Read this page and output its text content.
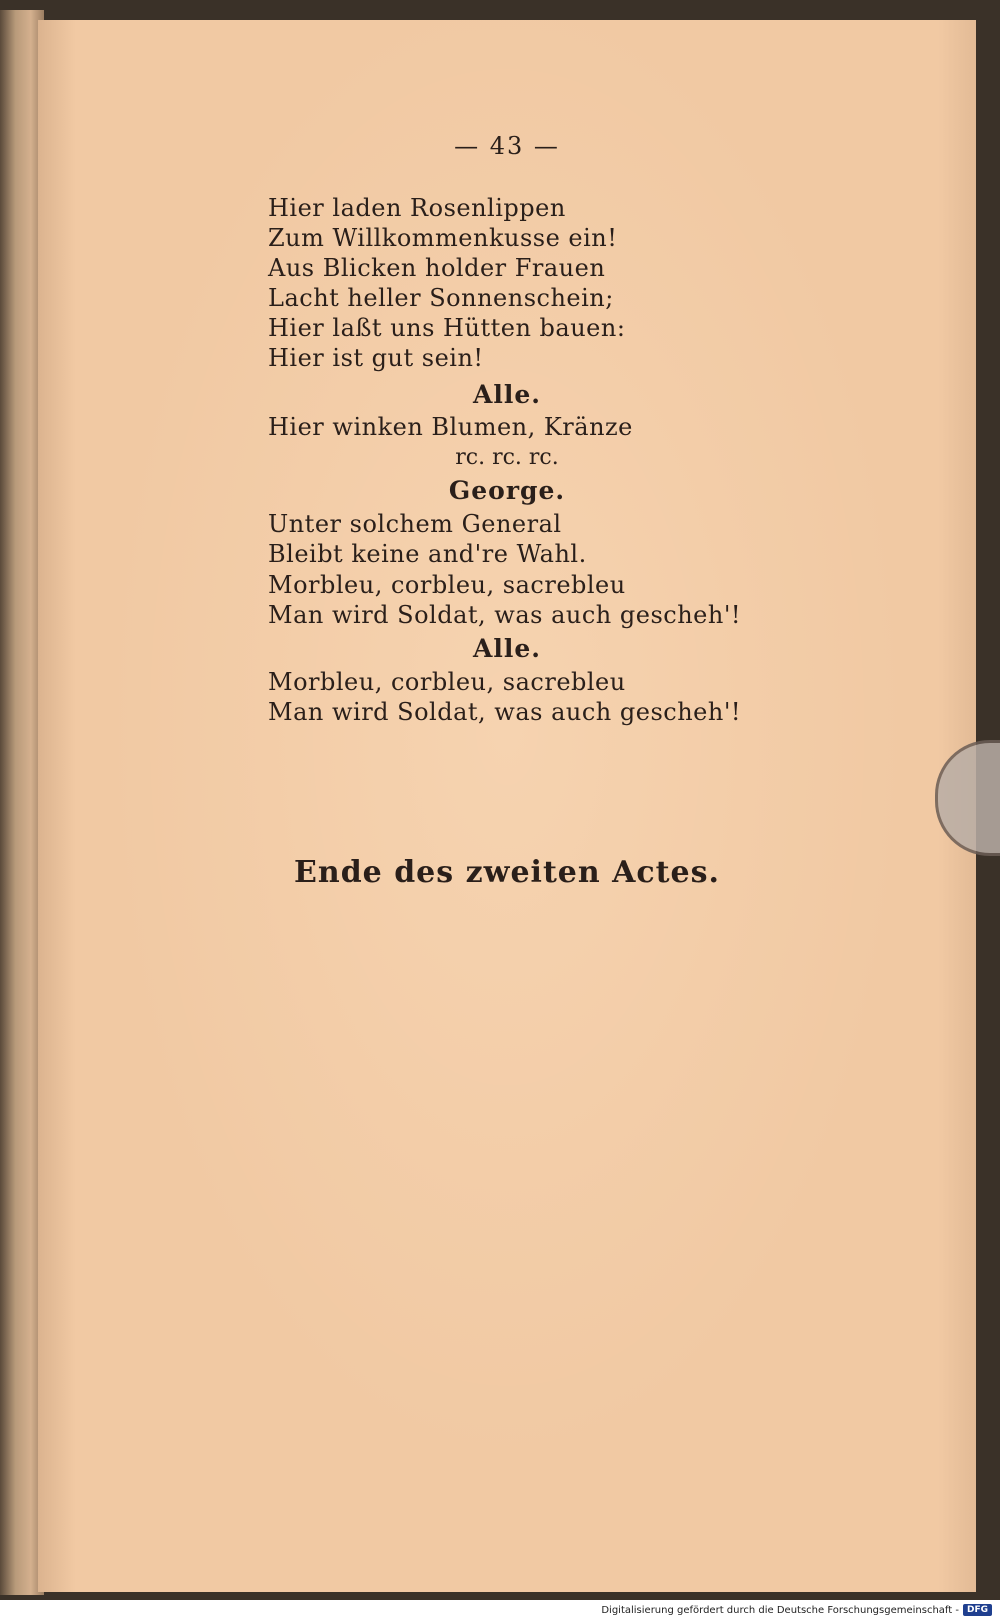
— 43 —
Hier laden Rosenlippen
Zum Willkommenkusse ein!
Aus Blicken holder Frauen
Lacht heller Sonnenschein;
Hier laßt uns Hütten bauen:
Hier ist gut sein!
Alle.
Hier winken Blumen, Kränze
rc. rc. rc.
George.
Unter solchem General
Bleibt keine and're Wahl.
Morbleu, corbleu, sacrebleu
Man wird Soldat, was auch gescheh'!
Alle.
Morbleu, corbleu, sacrebleu
Man wird Soldat, was auch gescheh'!
Ende des zweiten Actes.
Digitalisierung gefördert durch die Deutsche Forschungsgemeinschaft - DFG
